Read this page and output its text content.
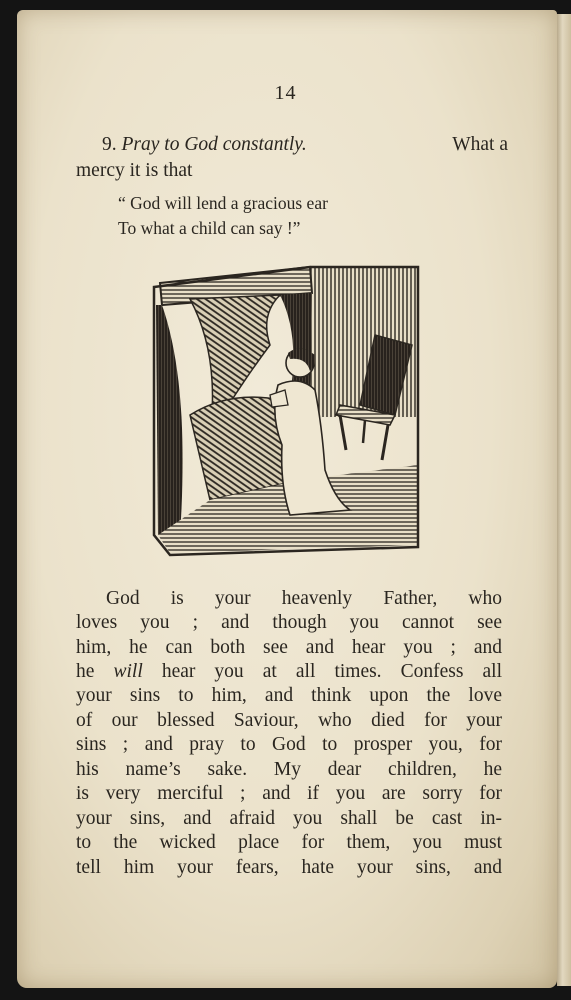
14
9. Pray to God constantly.	What a
mercy it is that
“ God will lend a gracious ear
To what a child can say !”
God is your heavenly Father, who
loves you ; and though you cannot see
him, he can both see and hear you ; and
he will hear you at all times. Confess all
your sins to him, and think upon the love
of our blessed Saviour, who died for your
sins ; and pray to God to prosper you, for
his name’s sake. My dear children, he
is very merciful ; and if you are sorry for
your sins, and afraid you shall be cast in-
to the wicked place for them, you must
tell him your fears, hate your sins, and
